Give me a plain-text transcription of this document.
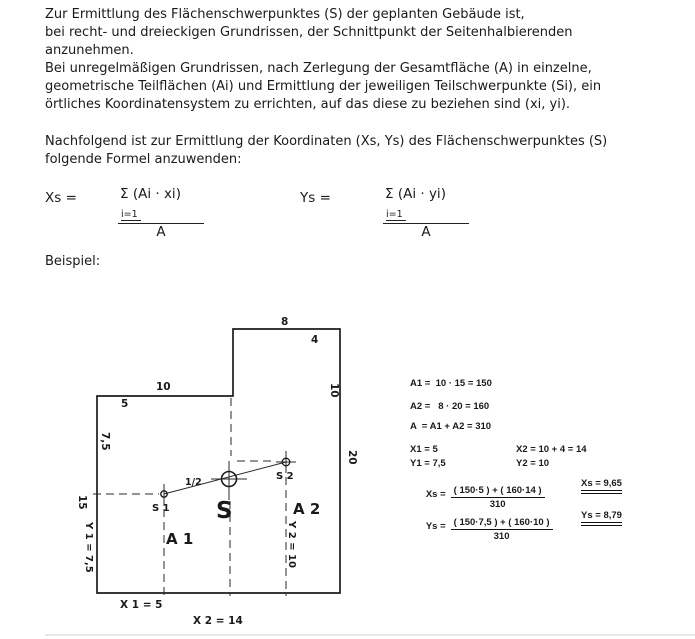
Zur Ermittlung des Flächenschwerpunktes (S) der geplanten Gebäude ist,
bei recht- und dreieckigen Grundrissen, der Schnittpunkt der Seitenhalbierenden
anzunehmen.
Bei unregelmäßigen Grundrissen, nach Zerlegung der Gesamtfläche (A) in einzelne,
geometrische Teilflächen (Ai) und Ermittlung der jeweiligen Teilschwerpunkte (Si), ein
örtliches Koordinatensystem zu errichten, auf das diese zu beziehen sind (xi, yi).
Nachfolgend ist zur Ermittlung der Koordinaten (Xs, Ys) des Flächenschwerpunktes (S)
folgende Formel anzuwenden:
Xs =	Σ (Ai · xi)
i=1
A
Ys =	Σ (Ai · yi)
i=1
A
Beispiel:
8
4
10
5
7,5
15
10
20
Y 1 = 7,5	Y 2 = 10
X 1 = 5
X 2 = 14
A 1
A 2
S
S 1
S 2
1/2
A1 =  10 · 15 = 150
A2 =   8 · 20 = 160
A  = A1 + A2 = 310
X1 = 5	X2 = 10 + 4 = 14
Y1 = 7,5	Y2 = 10

$Xs = \frac{( 150\cdot 5 ) + ( 160\cdot 14 )}{310}$

Xs = 9,65

$Ys = \frac{( 150\cdot 7,5 ) + ( 160\cdot 10 )}{310}$

Ys = 8,79
